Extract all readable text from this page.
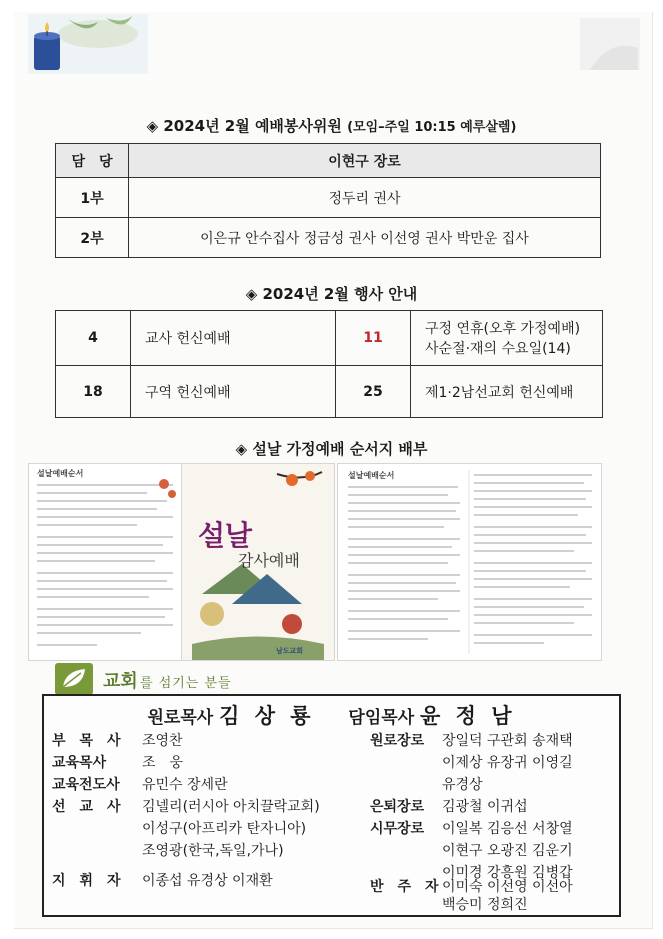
◈ 2024년 2월 예배봉사위원 (모임–주일 10:15 예루살렘)
담　당	이현구 장로
1부	정두리 권사
2부	이은규 안수집사 정금성 권사 이선영 권사 박만운 집사
◈ 2024년 2월 행사 안내
4	교사 헌신예배	11	구정 연휴(오후 가정예배)
사순절·재의 수요일(14)

18	구역 헌신예배	25	제1·2남선교회 헌신예배
◈ 설날 가정예배 순서지 배부
설날예배순서
설날
감사예배
남도교회
설날예배순서
교회 를 섬기는 분들
원로목사 김 상 룡 담임목사 윤 정 남
부　목　사 조영찬
교육목사	조　웅
교육전도사 유민수 장세란
선　교　사 김넬리(러시아 아치끌락교회)
이성구(아프리카 탄자니아)
조영광(한국,독일,가나)
지　휘　자 이종섭 유경상 이재환
원로장로 장일덕 구관회 송재택
이제상 유장귀 이영길
유경상
은퇴장로 김광철 이귀섭
시무장로 이일복 김응선 서창열
이현구 오광진 김운기
이미경 강흥원 김병갑
반　주　자 이미숙 이선영 이선아
백승미 정희진
